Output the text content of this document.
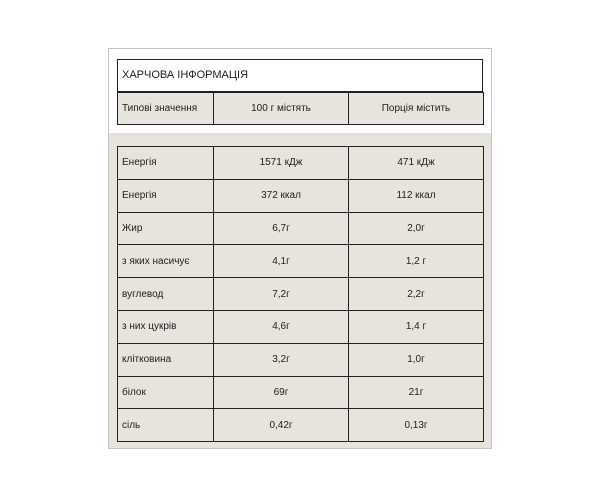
ХАРЧОВА ІНФОРМАЦІЯ
Типові значення	100 г містять	Порція містить
Енергія	1571 кДж	471 кДж
Енергія	372 ккал	112 ккал
Жир	6,7г	2,0г
з яких насичує	4,1г	1,2 г
вуглевод	7,2г	2,2г
з них цукрів	4,6г	1,4 г
клітковина	3,2г	1,0г
білок	69г	21г
сіль	0,42г	0,13г
